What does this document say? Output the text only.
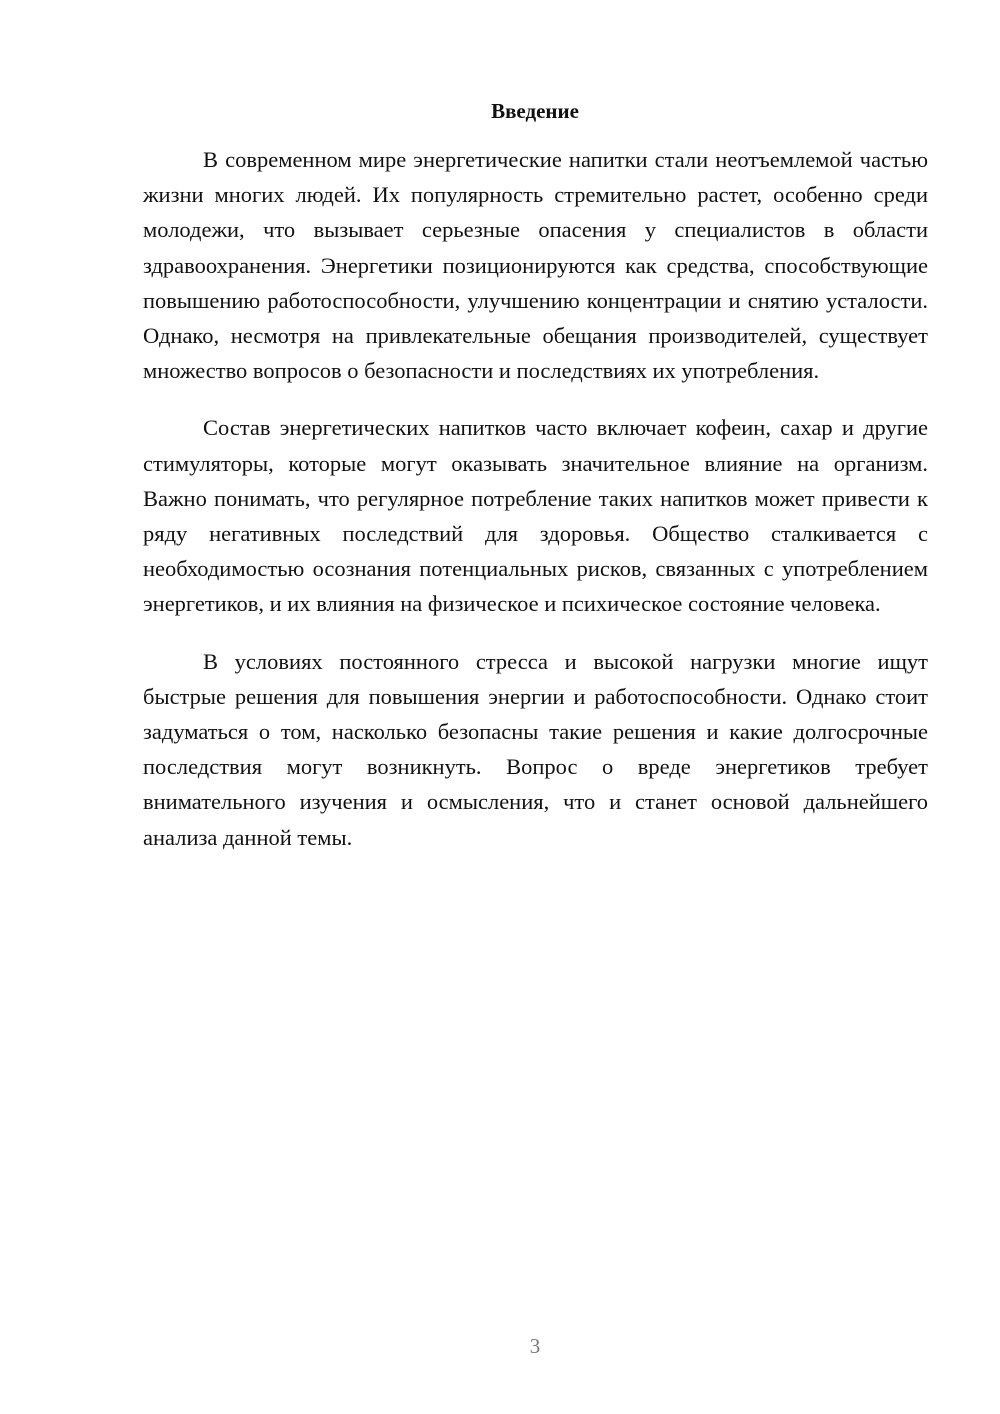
Введение

В современном мире энергетические напитки стали неотъемлемой частью жизни многих людей. Их популярность стремительно растет, особенно среди молодежи, что вызывает серьезные опасения у специалистов в области здравоохранения. Энергетики позиционируются как средства, способствующие повышению работоспособности, улучшению концентрации и снятию усталости. Однако, несмотря на привлекательные обещания производителей, существует множество вопросов о безопасности и последствиях их употребления.

Состав энергетических напитков часто включает кофеин, сахар и другие стимуляторы, которые могут оказывать значительное влияние на организм. Важно понимать, что регулярное потребление таких напитков может привести к ряду негативных последствий для здоровья. Общество сталкивается с необходимостью осознания потенциальных рисков, связанных с употреблением энергетиков, и их влияния на физическое и психическое состояние человека.

В условиях постоянного стресса и высокой нагрузки многие ищут быстрые решения для повышения энергии и работоспособности. Однако стоит задуматься о том, насколько безопасны такие решения и какие долгосрочные последствия могут возникнуть. Вопрос о вреде энергетиков требует внимательного изучения и осмысления, что и станет основой дальнейшего анализа данной темы.

3
